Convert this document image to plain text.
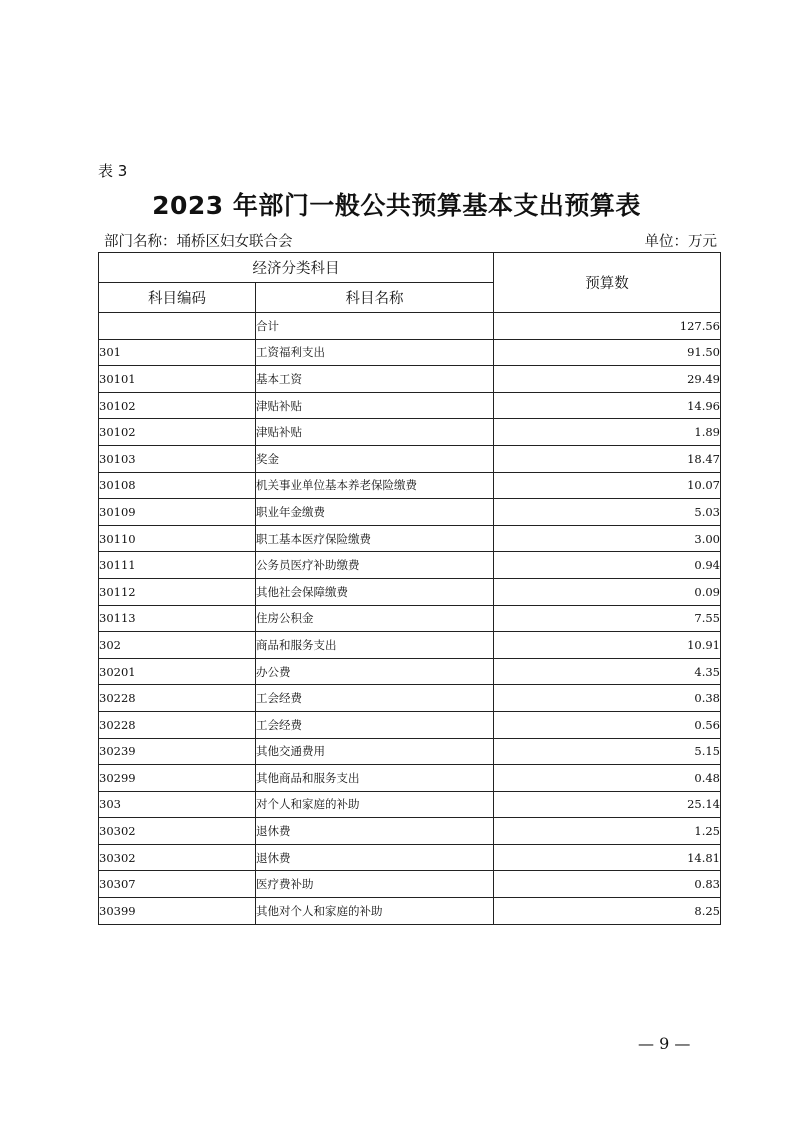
表 3
2023 年部门一般公共预算基本支出预算表
部门名称：埇桥区妇女联合会	单位：万元
经济分类科目		预算数
科目编码	科目名称	
	合计	127.56
301	工资福利支出	91.50
30101	基本工资	29.49
30102	津贴补贴	14.96
30102	津贴补贴	1.89
30103	奖金	18.47
30108	机关事业单位基本养老保险缴费	10.07
30109	职业年金缴费	5.03
30110	职工基本医疗保险缴费	3.00
30111	公务员医疗补助缴费	0.94
30112	其他社会保障缴费	0.09
30113	住房公积金	7.55
302	商品和服务支出	10.91
30201	办公费	4.35
30228	工会经费	0.38
30228	工会经费	0.56
30239	其他交通费用	5.15
30299	其他商品和服务支出	0.48
303	对个人和家庭的补助	25.14
30302	退休费	1.25
30302	退休费	14.81
30307	医疗费补助	0.83
30399	其他对个人和家庭的补助	8.25
— 9 —
